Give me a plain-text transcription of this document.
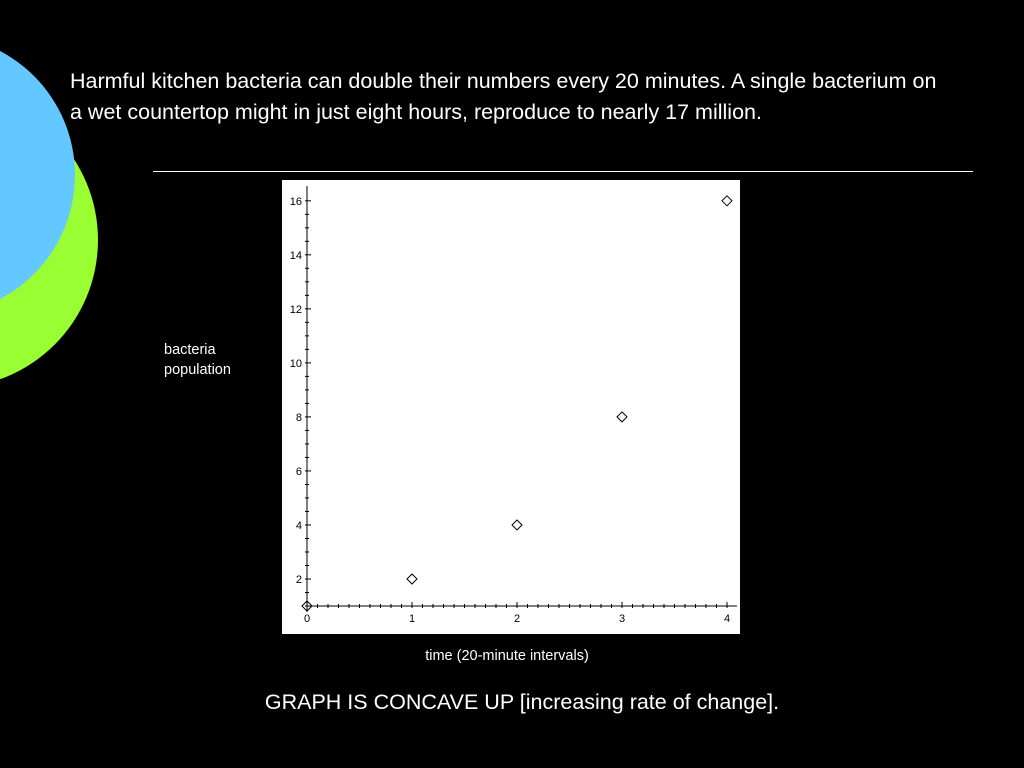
Harmful kitchen bacteria can double their numbers every 20 minutes. A single bacterium on a wet countertop might in just eight hours, reproduce to nearly 17 million.

bacteria
population
2
4
6
8
10
12
14
16
0	1	2	3	4
time (20-minute intervals)
GRAPH IS CONCAVE UP [increasing rate of change].
